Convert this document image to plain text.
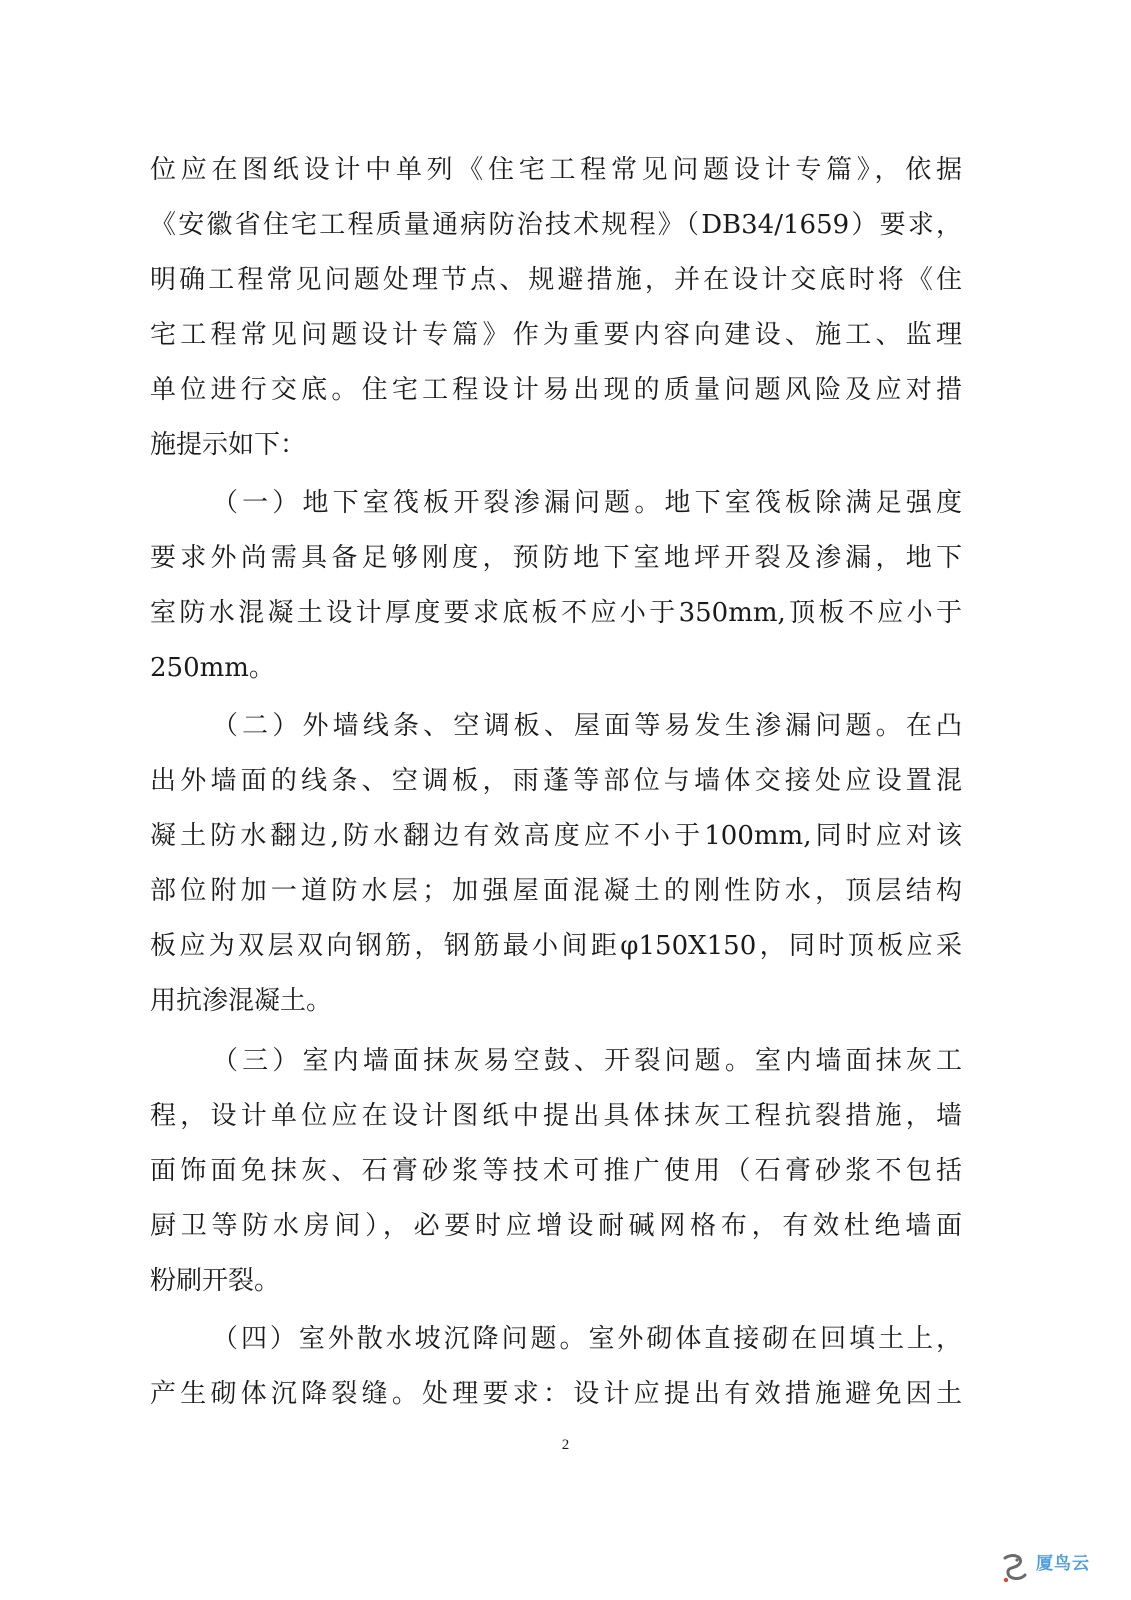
位应在图纸设计中单列《住宅工程常见问题设计专篇》，依据
《安徽省住宅工程质量通病防治技术规程》（DB34/1659）要求，
明确工程常见问题处理节点、规避措施，并在设计交底时将《住
宅工程常见问题设计专篇》作为重要内容向建设、施工、监理
单位进行交底。住宅工程设计易出现的质量问题风险及应对措
施提示如下：
（一）地下室筏板开裂渗漏问题。地下室筏板除满足强度
要求外尚需具备足够刚度，预防地下室地坪开裂及渗漏，地下
室防水混凝土设计厚度要求底板不应小于350mm,顶板不应小于
250mm。
（二）外墙线条、空调板、屋面等易发生渗漏问题。在凸
出外墙面的线条、空调板，雨蓬等部位与墙体交接处应设置混
凝土防水翻边,防水翻边有效高度应不小于100mm,同时应对该
部位附加一道防水层；加强屋面混凝土的刚性防水，顶层结构
板应为双层双向钢筋，钢筋最小间距φ150X150，同时顶板应采
用抗渗混凝土。
（三）室内墙面抹灰易空鼓、开裂问题。室内墙面抹灰工
程，设计单位应在设计图纸中提出具体抹灰工程抗裂措施，墙
面饰面免抹灰、石膏砂浆等技术可推广使用（石膏砂浆不包括
厨卫等防水房间），必要时应增设耐碱网格布，有效杜绝墙面
粉刷开裂。
（四）室外散水坡沉降问题。室外砌体直接砌在回填土上，
产生砌体沉降裂缝。处理要求：设计应提出有效措施避免因土
2
厦鸟云
